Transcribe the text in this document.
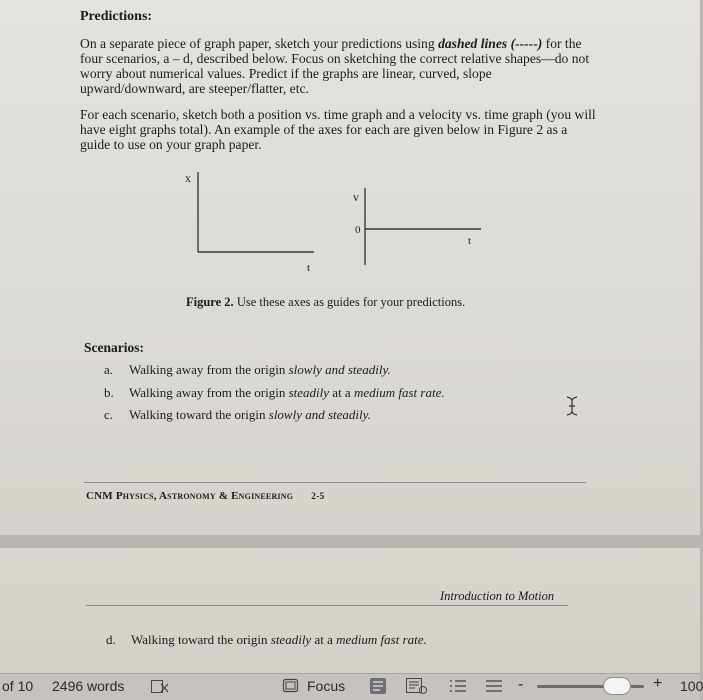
Predictions:

On a separate piece of graph paper, sketch your predictions using dashed lines (-----) for the four scenarios, a – d, described below. Focus on sketching the correct relative shapes—do not worry about numerical values. Predict if the graphs are linear, curved, slope upward/downward, are steeper/flatter, etc.

For each scenario, sketch both a position vs. time graph and a velocity vs. time graph (you will have eight graphs total). An example of the axes for each are given below in Figure 2 as a guide to use on your graph paper.

x
t
v
0
t

Figure 2. Use these axes as guides for your predictions.

Scenarios:

a. Walking away from the origin slowly and steadily.

b. Walking away from the origin steadily at a medium fast rate.

c. Walking toward the origin slowly and steadily.

CNM Physics, Astronomy & Engineering 2-5

Introduction to Motion

d. Walking toward the origin steadily at a medium fast rate.

of 10 2496 words	Focus	-	+ 100
